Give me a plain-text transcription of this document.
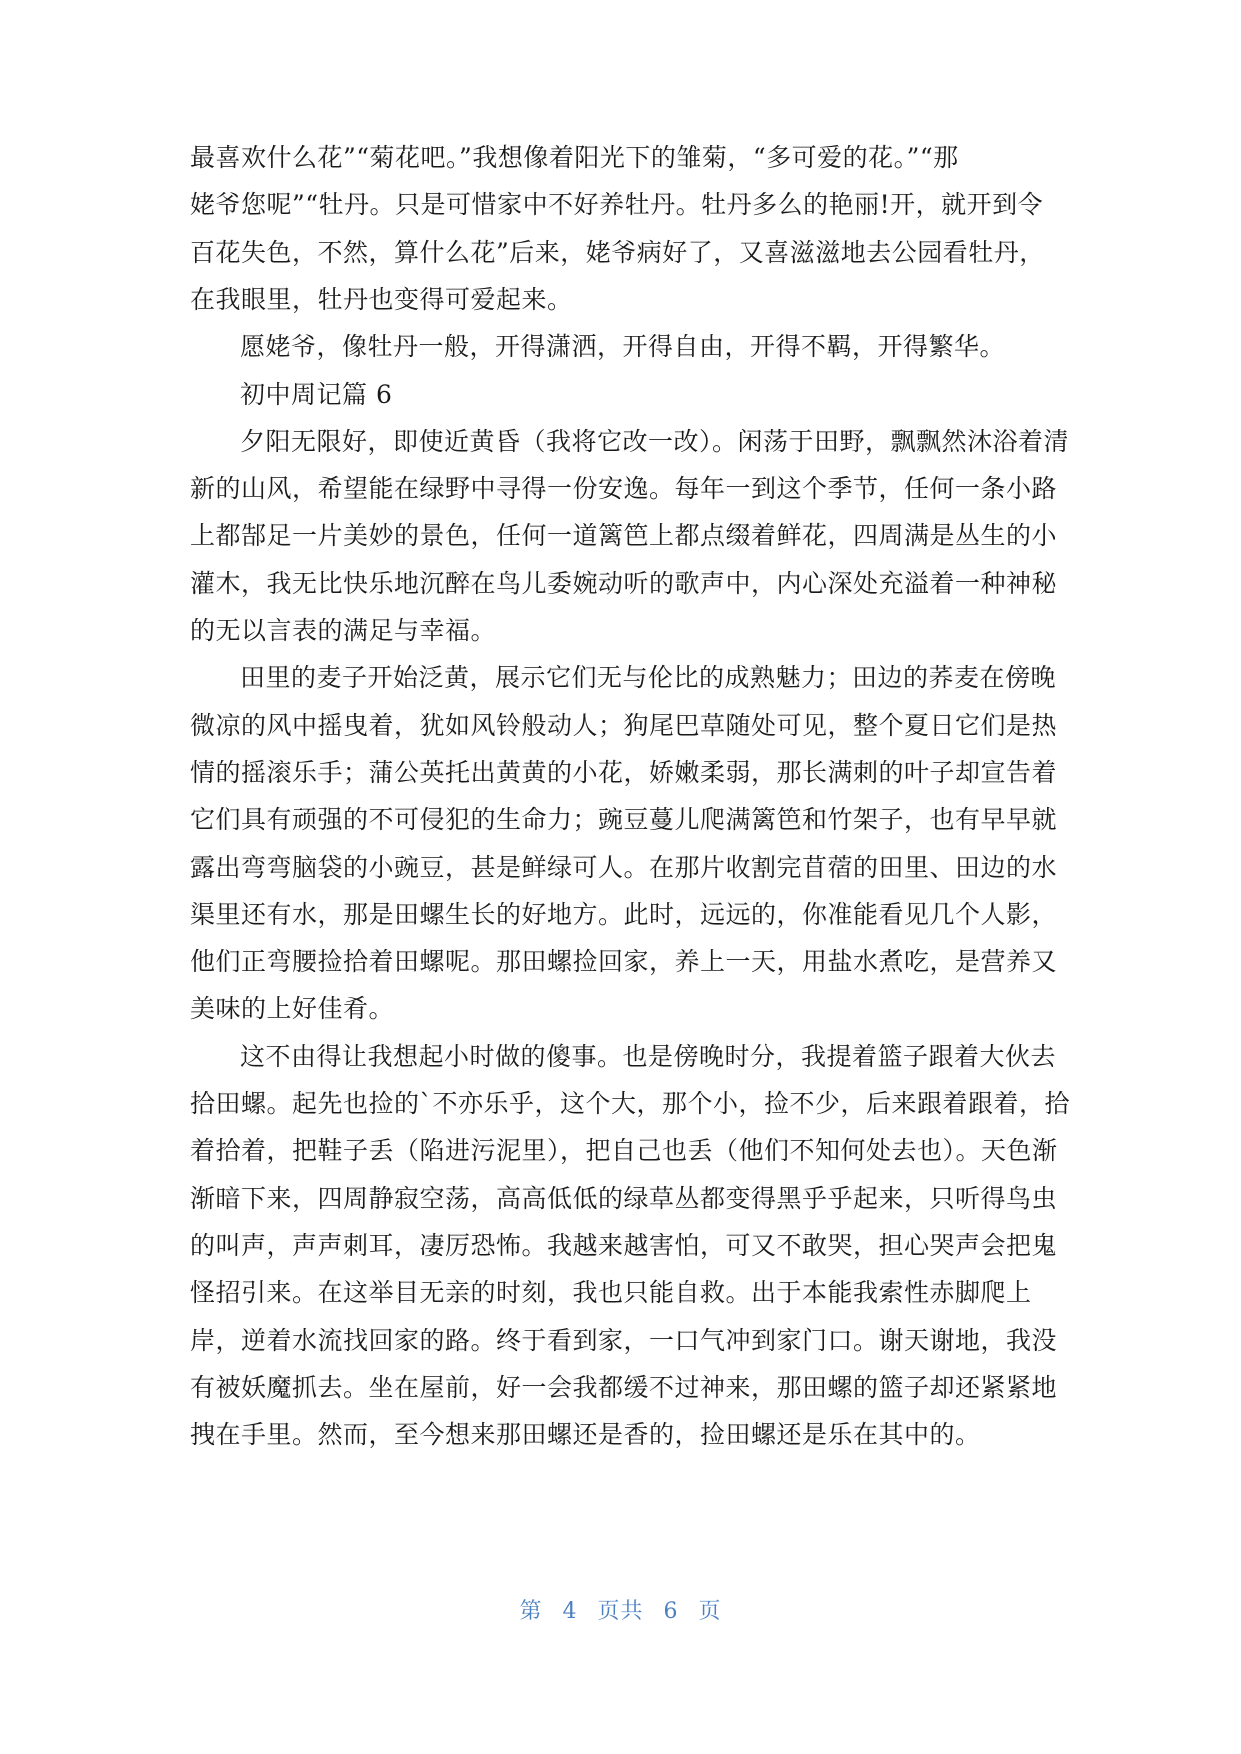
最喜欢什么花”“菊花吧。”我想像着阳光下的雏菊，“多可爱的花。”“那
姥爷您呢”“牡丹。只是可惜家中不好养牡丹。牡丹多么的艳丽!开，就开到令
百花失色，不然，算什么花”后来，姥爷病好了，又喜滋滋地去公园看牡丹，
在我眼里，牡丹也变得可爱起来。
愿姥爷，像牡丹一般，开得潇洒，开得自由，开得不羁，开得繁华。
初中周记篇 6
夕阳无限好，即使近黄昏（我将它改一改）。闲荡于田野，飘飘然沐浴着清
新的山风，希望能在绿野中寻得一份安逸。每年一到这个季节，任何一条小路
上都郜足一片美妙的景色，任何一道篱笆上都点缀着鲜花，四周满是丛生的小
灌木，我无比快乐地沉醉在鸟儿委婉动听的歌声中，内心深处充溢着一种神秘
的无以言表的满足与幸福。
田里的麦子开始泛黄，展示它们无与伦比的成熟魅力；田边的荞麦在傍晚
微凉的风中摇曳着，犹如风铃般动人；狗尾巴草随处可见，整个夏日它们是热
情的摇滚乐手；蒲公英托出黄黄的小花，娇嫩柔弱，那长满刺的叶子却宣告着
它们具有顽强的不可侵犯的生命力；豌豆蔓儿爬满篱笆和竹架子，也有早早就
露出弯弯脑袋的小豌豆，甚是鲜绿可人。在那片收割完苜蓿的田里、田边的水
渠里还有水，那是田螺生长的好地方。此时，远远的，你准能看见几个人影，
他们正弯腰捡拾着田螺呢。那田螺捡回家，养上一天，用盐水煮吃，是营养又
美味的上好佳肴。
这不由得让我想起小时做的傻事。也是傍晚时分，我提着篮子跟着大伙去
拾田螺。起先也捡的`不亦乐乎，这个大，那个小，捡不少，后来跟着跟着，拾
着拾着，把鞋子丢（陷进污泥里），把自己也丢（他们不知何处去也）。天色渐
渐暗下来，四周静寂空荡，高高低低的绿草丛都变得黑乎乎起来，只听得鸟虫
的叫声，声声刺耳，凄厉恐怖。我越来越害怕，可又不敢哭，担心哭声会把鬼
怪招引来。在这举目无亲的时刻，我也只能自救。出于本能我索性赤脚爬上
岸，逆着水流找回家的路。终于看到家，一口气冲到家门口。谢天谢地，我没
有被妖魔抓去。坐在屋前，好一会我都缓不过神来，那田螺的篮子却还紧紧地
拽在手里。然而，至今想来那田螺还是香的，捡田螺还是乐在其中的。
第 4 页共 6 页
